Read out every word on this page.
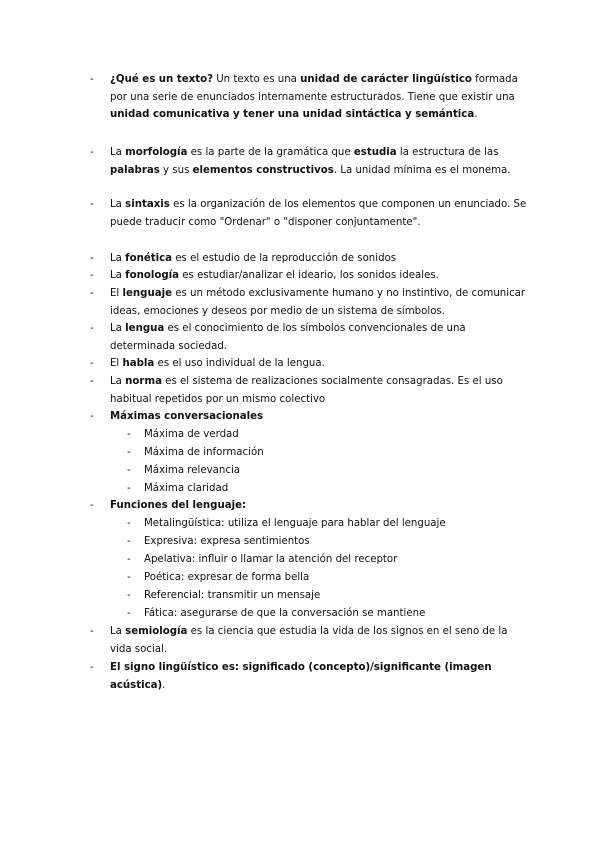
- ¿Qué es un texto? Un texto es una unidad de carácter lingüístico formada por una serie de enunciados internamente estructurados. Tiene que existir una unidad comunicativa y tener una unidad sintáctica y semántica.
- La morfología es la parte de la gramática que estudia la estructura de las palabras y sus elementos constructivos. La unidad mínima es el monema.
- La sintaxis es la organización de los elementos que componen un enunciado. Se puede traducir como "Ordenar" o "disponer conjuntamente".
- La fonética es el estudio de la reproducción de sonidos
- La fonología es estudiar/analizar el ideario, los sonidos ideales.
- El lenguaje es un método exclusivamente humano y no instintivo, de comunicar ideas, emociones y deseos por medio de un sistema de símbolos.
- La lengua es el conocimiento de los símbolos convencionales de una determinada sociedad.
- El habla es el uso individual de la lengua.
- La norma es el sistema de realizaciones socialmente consagradas. Es el uso habitual repetidos por un mismo colectivo
- Máximas conversacionales
- Máxima de verdad
- Máxima de información
- Máxima relevancia
- Máxima claridad
- Funciones del lenguaje:
- Metalingüística: utiliza el lenguaje para hablar del lenguaje
- Expresiva: expresa sentimientos
- Apelativa: influir o llamar la atención del receptor
- Poética: expresar de forma bella
- Referencial: transmitir un mensaje
- Fática: asegurarse de que la conversación se mantiene
- La semiología es la ciencia que estudia la vida de los signos en el seno de la vida social.
- El signo lingüístico es: significado (concepto)/significante (imagen acústica).
